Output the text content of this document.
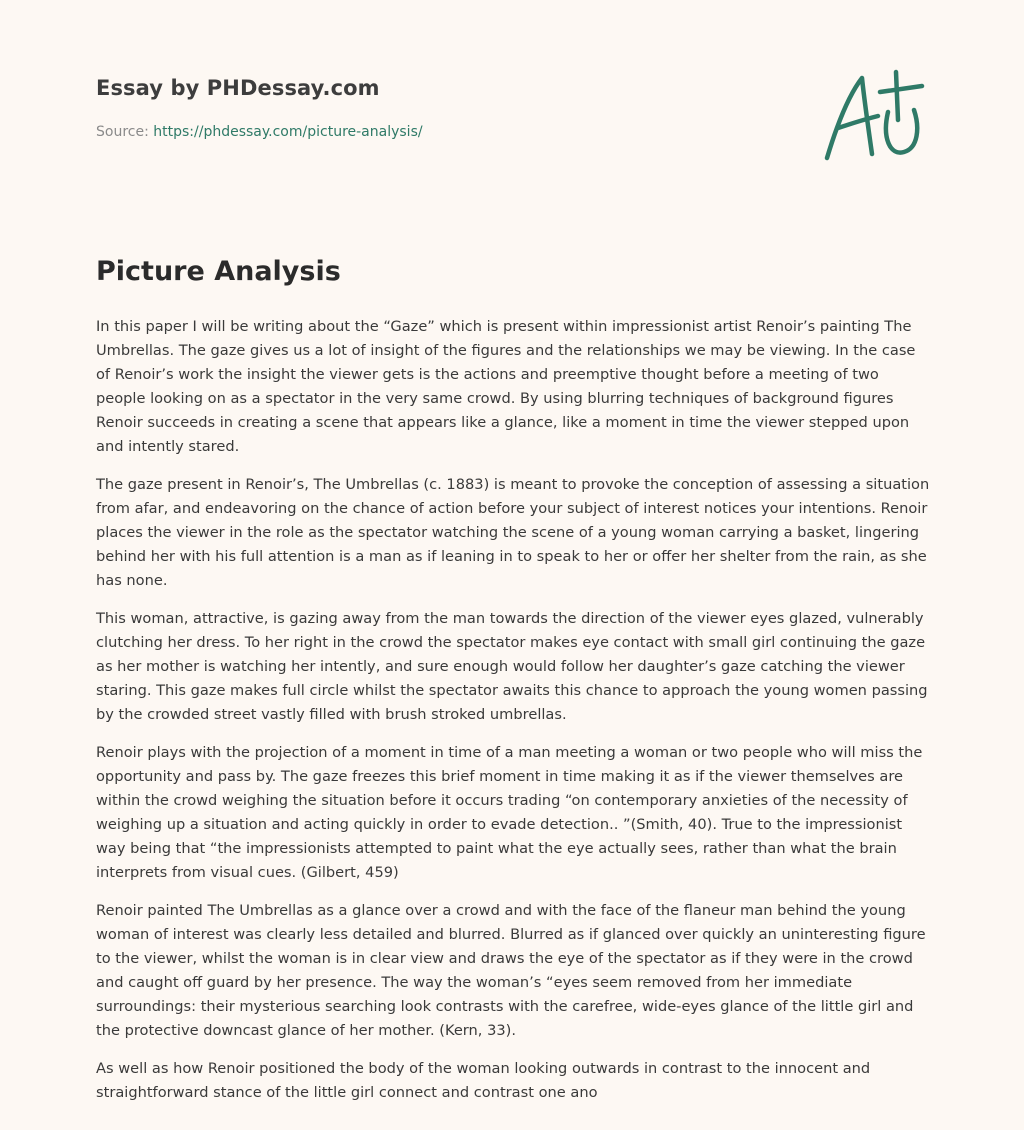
Essay by PHDessay.com
Source: https://phdessay.com/picture-analysis/
Picture Analysis

In this paper I will be writing about the “Gaze” which is present within impressionist artist Renoir’s painting The Umbrellas. The gaze gives us a lot of insight of the figures and the relationships we may be viewing. In the case of Renoir’s work the insight the viewer gets is the actions and preemptive thought before a meeting of two people looking on as a spectator in the very same crowd. By using blurring techniques of background figures Renoir succeeds in creating a scene that appears like a glance, like a moment in time the viewer stepped upon and intently stared.

The gaze present in Renoir’s, The Umbrellas (c. 1883) is meant to provoke the conception of assessing a situation from afar, and endeavoring on the chance of action before your subject of interest notices your intentions. Renoir places the viewer in the role as the spectator watching the scene of a young woman carrying a basket, lingering behind her with his full attention is a man as if leaning in to speak to her or offer her shelter from the rain, as she has none.

This woman, attractive, is gazing away from the man towards the direction of the viewer eyes glazed, vulnerably clutching her dress. To her right in the crowd the spectator makes eye contact with small girl continuing the gaze as her mother is watching her intently, and sure enough would follow her daughter’s gaze catching the viewer staring. This gaze makes full circle whilst the spectator awaits this chance to approach the young women passing by the crowded street vastly filled with brush stroked umbrellas.

Renoir plays with the projection of a moment in time of a man meeting a woman or two people who will miss the opportunity and pass by. The gaze freezes this brief moment in time making it as if the viewer themselves are within the crowd weighing the situation before it occurs trading “on contemporary anxieties of the necessity of weighing up a situation and acting quickly in order to evade detection.. ”(Smith, 40). True to the impressionist way being that “the impressionists attempted to paint what the eye actually sees, rather than what the brain interprets from visual cues. (Gilbert, 459)

Renoir painted The Umbrellas as a glance over a crowd and with the face of the flaneur man behind the young woman of interest was clearly less detailed and blurred. Blurred as if glanced over quickly an uninteresting figure to the viewer, whilst the woman is in clear view and draws the eye of the spectator as if they were in the crowd and caught off guard by her presence. The way the woman’s “eyes seem removed from her immediate surroundings: their mysterious searching look contrasts with the carefree, wide-eyes glance of the little girl and the protective downcast glance of her mother. (Kern, 33).

As well as how Renoir positioned the body of the woman looking outwards in contrast to the innocent and straightforward stance of the little girl connect and contrast one ano
